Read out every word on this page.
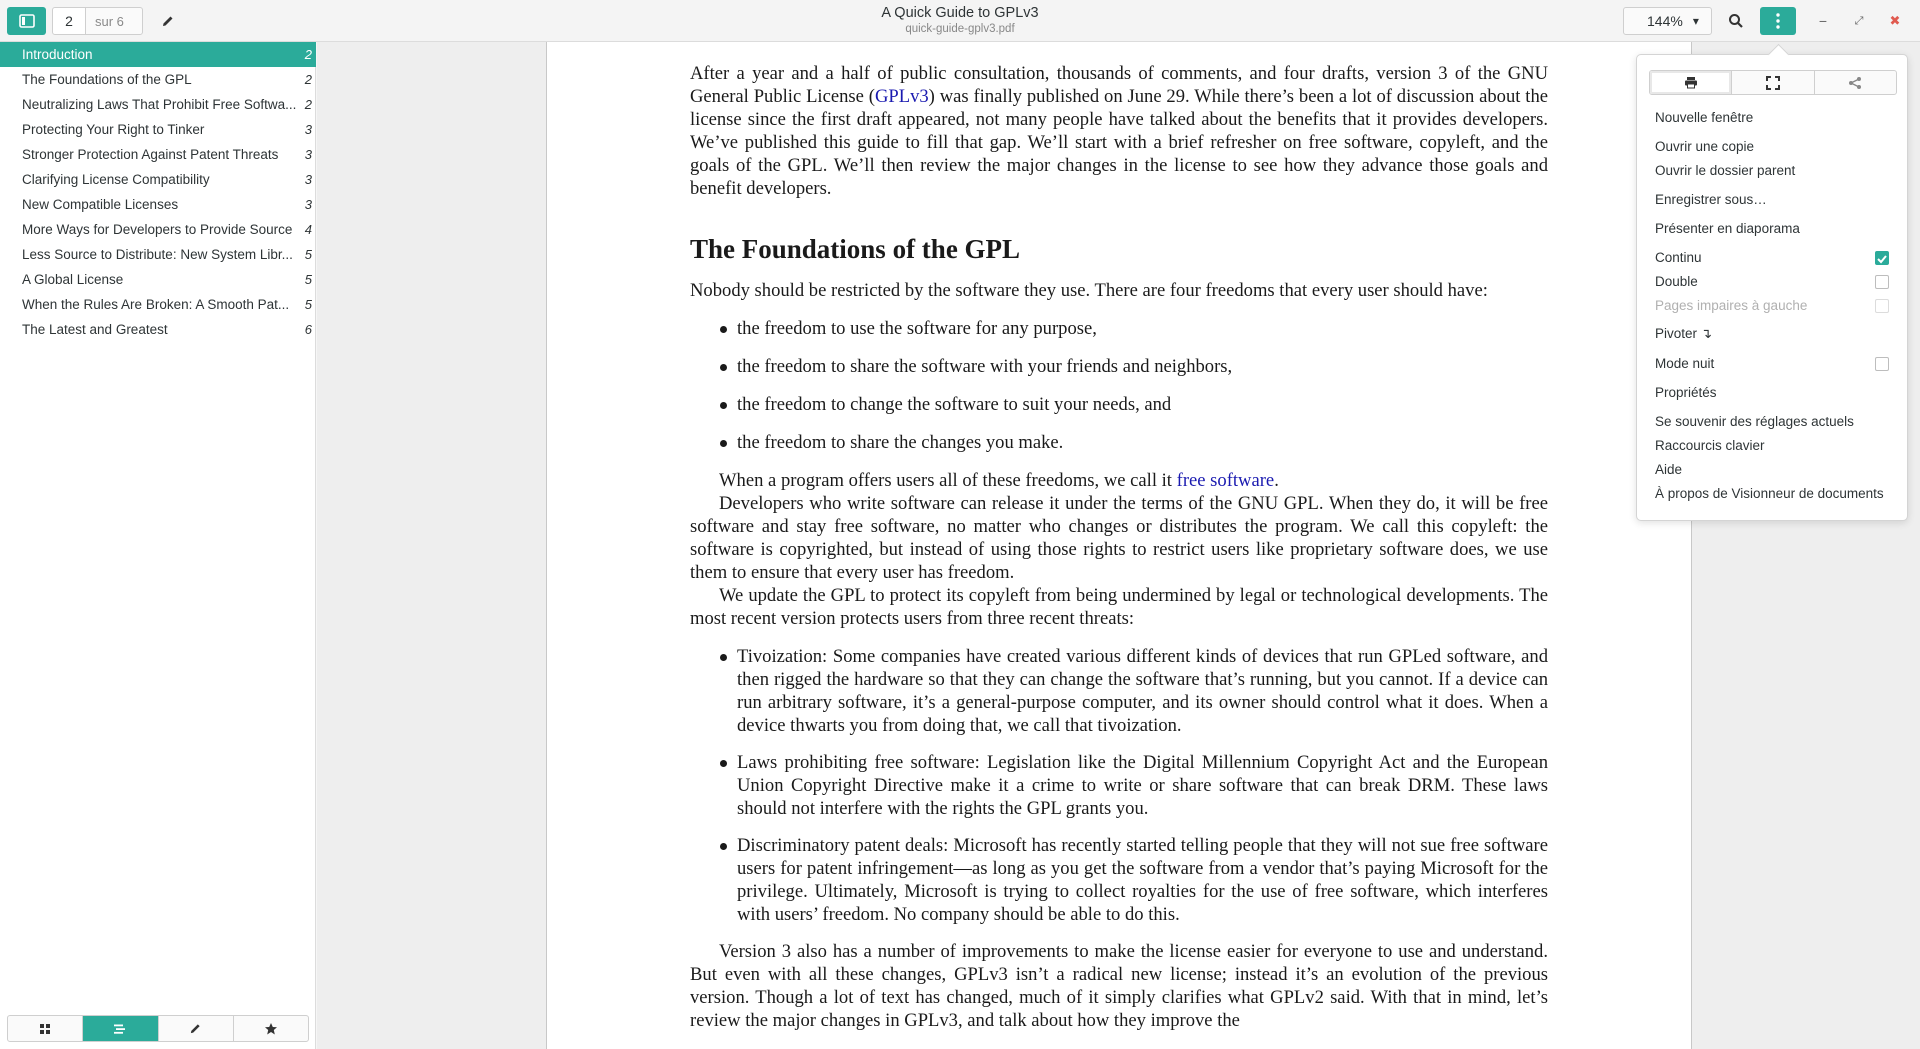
2	sur 6	A Quick Guide to GPLv3
quick-guide-gplv3.pdf	144% ▾	−	⤢ ✖
Introduction	2
The Foundations of the GPL	2
Neutralizing Laws That Prohibit Free Softwa... 2
Protecting Your Right to Tinker	3
Stronger Protection Against Patent Threats	3
Clarifying License Compatibility	3
New Compatible Licenses	3
More Ways for Developers to Provide Source 4
Less Source to Distribute: New System Libr... 5
A Global License	5
When the Rules Are Broken: A Smooth Pat...	5
The Latest and Greatest	6

After a year and a half of public consultation, thousands of comments, and four drafts, version 3 of the GNU General Public License (GPLv3) was finally published on June 29. While there’s been a lot of discussion about the license since the first draft appeared, not many people have talked about the benefits that it provides developers. We’ve published this guide to fill that gap. We’ll start with a brief refresher on free software, copyleft, and the goals of the GPL. We’ll then review the major changes in the license to see how they advance those goals and benefit developers.

The Foundations of the GPL

Nobody should be restricted by the software they use. There are four freedoms that every user should have:

the freedom to use the software for any purpose,
the freedom to share the software with your friends and neighbors,
the freedom to change the software to suit your needs, and
the freedom to share the changes you make.

When a program offers users all of these freedoms, we call it free software.

Developers who write software can release it under the terms of the GNU GPL. When they do, it will be free software and stay free software, no matter who changes or distributes the program. We call this copyleft: the software is copyrighted, but instead of using those rights to restrict users like proprietary software does, we use them to ensure that every user has freedom.

We update the GPL to protect its copyleft from being undermined by legal or technological developments. The most recent version protects users from three recent threats:

Tivoization: Some companies have created various different kinds of devices that run GPLed software, and then rigged the hardware so that they can change the software that’s running, but you cannot. If a device can run arbitrary software, it’s a general-purpose computer, and its owner should control what it does. When a device thwarts you from doing that, we call that tivoization.
Laws prohibiting free software: Legislation like the Digital Millennium Copyright Act and the European Union Copyright Directive make it a crime to write or share software that can break DRM. These laws should not interfere with the rights the GPL grants you.
Discriminatory patent deals: Microsoft has recently started telling people that they will not sue free software users for patent infringement—as long as you get the software from a vendor that’s paying Microsoft for the privilege. Ultimately, Microsoft is trying to collect royalties for the use of free software, which interferes with users’ freedom. No company should be able to do this.

Version 3 also has a number of improvements to make the license easier for everyone to use and understand. But even with all these changes, GPLv3 isn’t a radical new license; instead it’s an evolution of the previous version. Though a lot of text has changed, much of it simply clarifies what GPLv2 said. With that in mind, let’s review the major changes in GPLv3, and talk about how they improve the

Nouvelle fenêtre
Ouvrir une copie
Ouvrir le dossier parent
Enregistrer sous…
Présenter en diaporama
Continu
Double
Pages impaires à gauche
Pivoter ↴
Mode nuit
Propriétés
Se souvenir des réglages actuels
Raccourcis clavier
Aide
À propos de Visionneur de documents
